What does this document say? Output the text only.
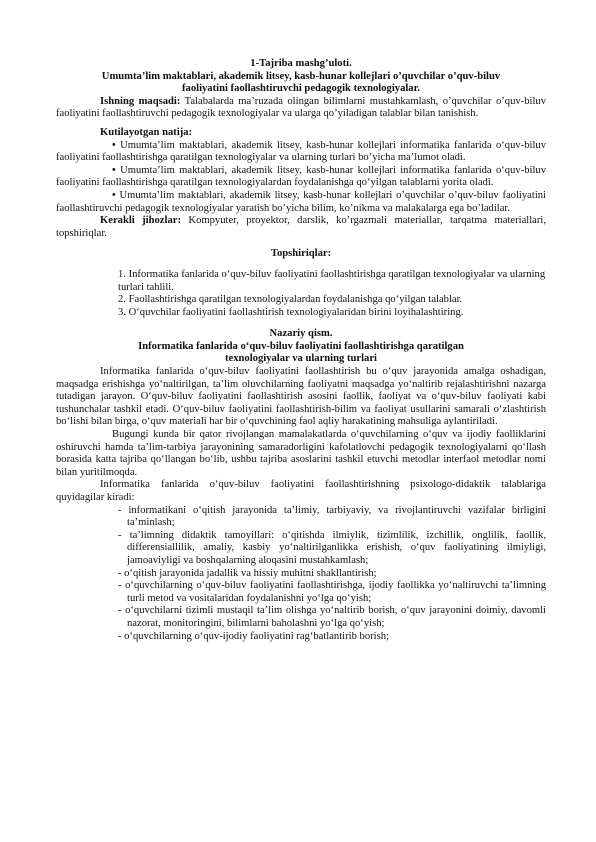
1-Tajriba mashg’uloti.

Umumta’lim maktablari, akademik litsey, kasb-hunar kollejlari o’quvchilar o’quv-biluv faoliyatini faollashtiruvchi pedagogik texnologiyalar.

Ishning maqsadi: Talabalarda ma’ruzada olingan bilimlarni mustahkamlash, o’quvchilar o’quv-biluv faoliyatini faollashtiruvchi pedagogik texnologiyalar va ularga qo’yiladigan talablar bilan tanishish.

Kutilayotgan natija:

• Umumta’lim maktablari, akademik litsey, kasb-hunar kollejlari informatika fanlarida o‘quv-biluv faoliyatini faollashtirishga qaratilgan texnologiyalar va ularning turlari bo’yicha ma’lumot oladi.

• Umumta’lim maktablari, akademik litsey, kasb-hunar kollejlari informatika fanlarida o‘quv-biluv faoliyatini faollashtirishga qaratilgan texnologiyalardan foydalanishga qo‘yilgan talablarni yorita oladi.

• Umumta’lim maktablari, akademik litsey, kasb-hunar kollejlari o’quvchilar o’quv-biluv faoliyatini faollashtiruvchi pedagogik texnologiyalar yaratish bo’yicha bilim, ko’nikma va malakalarga ega bo’ladilar.

Kerakli jihozlar: Kompyuter, proyektor, darslik, ko’rgazmali materiallar, tarqatma materiallari, topshiriqlar.

Topshiriqlar:

1. Informatika fanlarida o‘quv-biluv faoliyatini faollashtirishga qaratilgan texnologiyalar va ularning turlari tahlili.

2. Faollashtirishga qaratilgan texnologiyalardan foydalanishga qo‘yilgan talablar.

3. O‘quvchilar faoliyatini faollashtirish texnologiyalaridan birini loyihalashtiring.

Nazariy qism.

Informatika fanlarida o‘quv-biluv faoliyatini faollashtirishga qaratilgan texnologiyalar va ularning turlari

Informatika fanlarida o‘quv-biluv faoliyatini faollashtirish bu o‘quv jarayonida amalga oshadigan, maqsadga erishishga yo‘naltirilgan, ta’lim oluvchilarning faoliyatni maqsadga yo‘naltirib rejalashtirishni nazarga tutadigan jarayon. O‘quv-biluv faoliyatini faollashtirish asosini faollik, faoliyat va o‘quv-biluv faoliyati kabi tushunchalar tashkil etadi. O‘quv-biluv faoliyatini faollashtirish-bilim va faoliyat usullarini samarali o‘zlashtirish bo‘lishi bilan birga, o‘quv materiali har bir o‘quvchining faol aqliy harakatining mahsuliga aylantiriladi.

Bugungi kunda bir qator rivojlangan mamalakatlarda o‘quvchilarning o‘quv va ijodiy faolliklarini oshiruvchi hamda ta’lim-tarbiya jarayonining samaradorligini kafolatlovchi pedagogik texnologiyalarni qo‘llash borasida katta tajriba qo‘llangan bo‘lib, ushbu tajriba asoslarini tashkil etuvchi metodlar interfaol metodlar nomi bilan yuritilmoqda.

Informatika fanlarida o‘quv-biluv faoliyatini faollashtirishning psixologo-didaktik talablariga quyidagilar kiradi:

- informatikani o‘qitish jarayonida ta’limiy, tarbiyaviy, va rivojlantiruvchi vazifalar birligini ta’minlash;

- ta’limning didaktik tamoyillari: o‘qitishda ilmiylik, tizimlilik, izchillik, onglilik, faollik, differensiallilik, amaliy, kasbiy yo‘naltirilganlikka erishish, o‘quv faoliyatining ilmiyligi, jamoaviyligi va boshqalarning aloqasini mustahkamlash;

- o‘qitish jarayonida jadallik va hissiy muhitni shakllantirish;

- o‘quvchilarning o‘quv-biluv faoliyatini faollashtirishga, ijodiy faollikka yo‘naltiruvchi ta’limning turli metod va vositalaridan foydalanishni yo‘lga qo‘yish;

- o‘quvchilarni tizimli mustaqil ta’lim olishga yo‘naltirib borish, o‘quv jarayonini doimiy, davomli nazorat, monitoringini, bilimlarni baholashni yo‘lga qo‘yish;

- o‘quvchilarning o‘quv-ijodiy faoliyatini rag‘batlantirib borish;
